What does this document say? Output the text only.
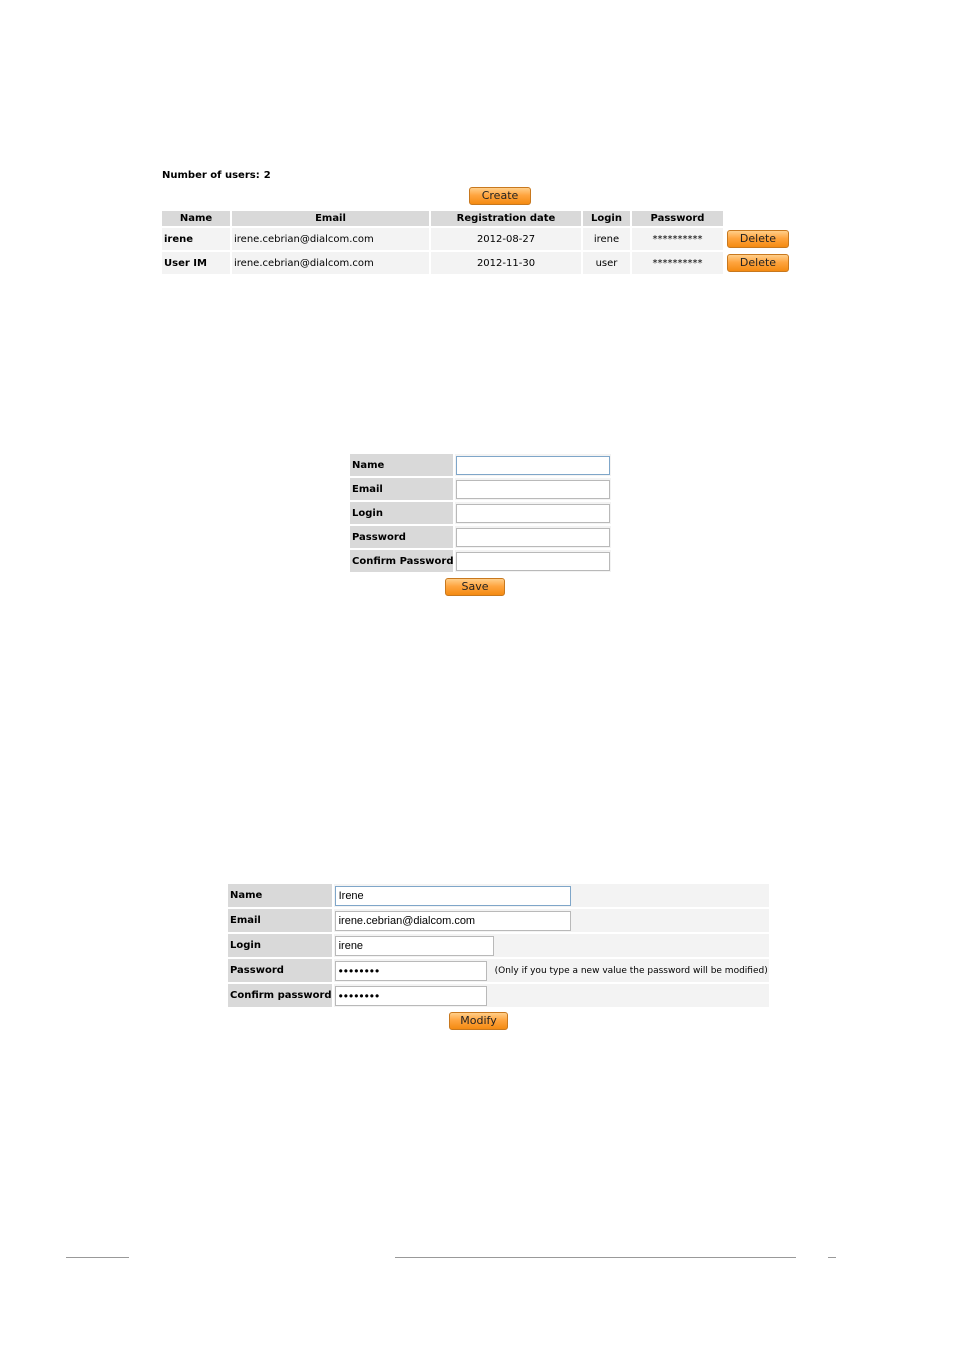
Number of users: 2
Create
Name	Email	Registration date	Login	Password	
irene	irene.cebrian@dialcom.com	2012-08-27	irene	**********	Delete

User IM	irene.cebrian@dialcom.com	2012-11-30	user	**********	Delete
Name	

Email	

Login	

Password	

Confirm Password	
Save
Name	Irene
Email	irene.cebrian@dialcom.com
Login	irene
Password	•••••••• (Only if you type a new value the password will be modified)
Confirm password	••••••••
Modify
